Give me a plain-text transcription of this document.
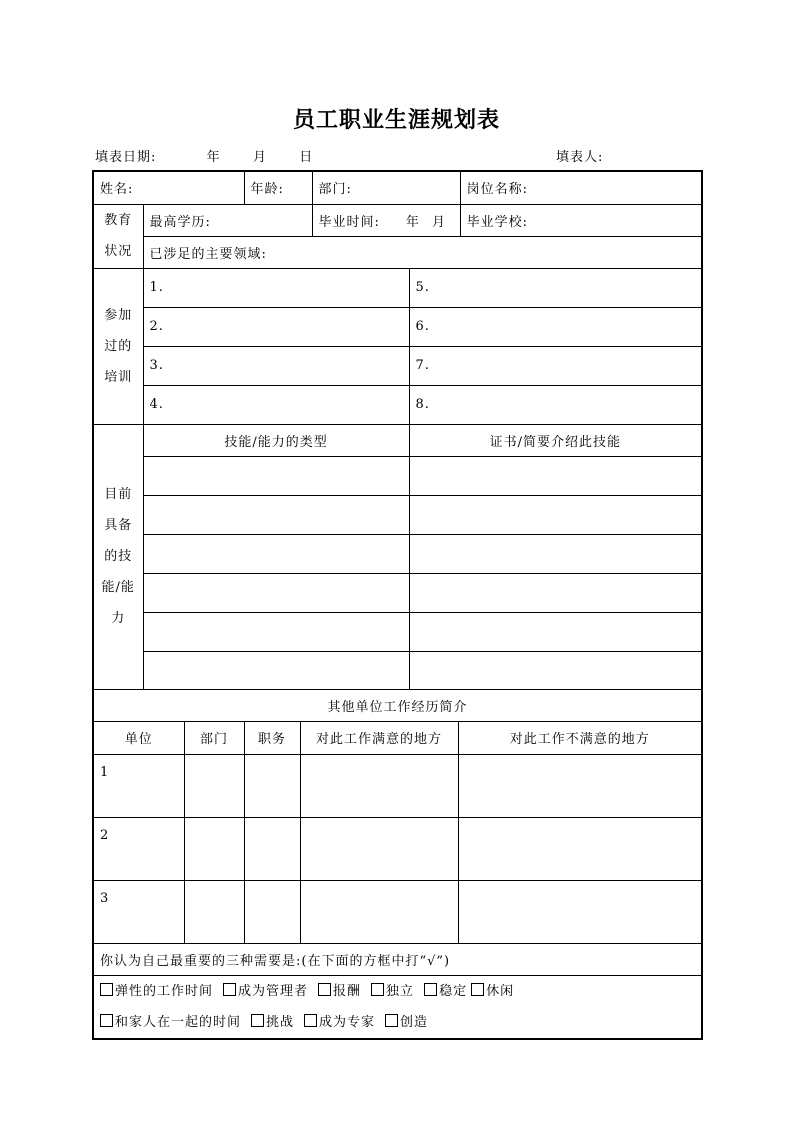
员工职业生涯规划表
填表日期:	年 月 日	填表人:
姓名:			年龄:		部门:			岗位名称:

教育
状况	最高学历:				毕业时间: 年 月			毕业学校:
	已涉足的主要领域:							

参加
过的
培训	1.					5.		
	2.					6.		
	3.					7.		
	4.					8.		

目前
具备
的技
能/能
力	技能/能力的类型					证书/简要介绍此技能		

其他单位工作经历简介								
单位		部门	职务	对此工作满意的地方			对此工作不满意的地方	
1								
2								
3								
你认为自己最重要的三种需要是:(在下面的方框中打“√”)								

弹性的工作时间 成为管理者 报酬 独立 稳定 休闲
和家人在一起的时间 挑战 成为专家 创造								
